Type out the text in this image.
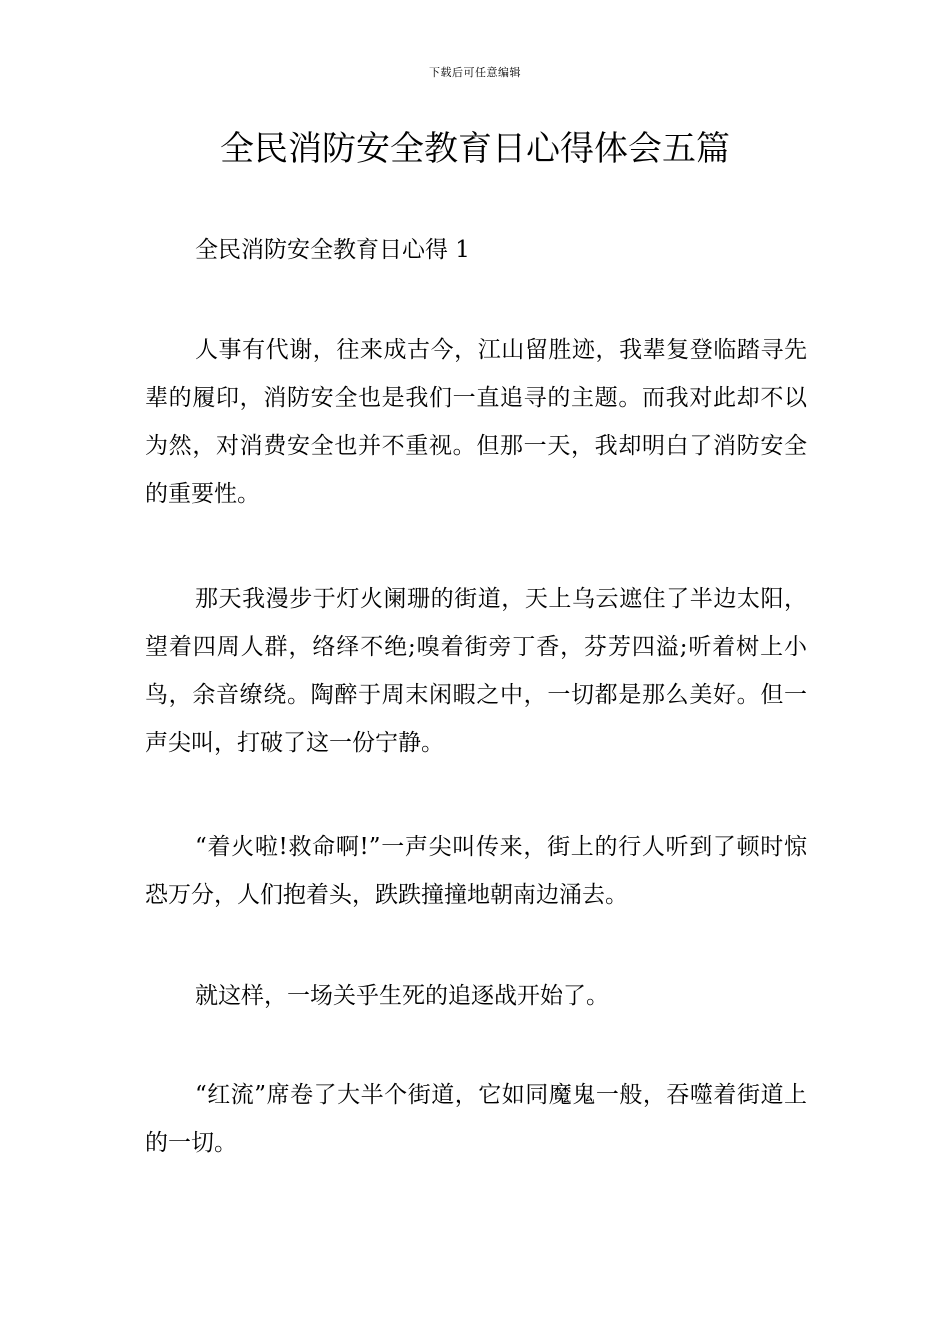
下载后可任意编辑
全民消防安全教育日心得体会五篇
全民消防安全教育日心得 1

人事有代谢，往来成古今，江山留胜迹，我辈复登临踏寻先辈的履印，消防安全也是我们一直追寻的主题。而我对此却不以为然，对消费安全也并不重视。但那一天，我却明白了消防安全的重要性。

那天我漫步于灯火阑珊的街道，天上乌云遮住了半边太阳，望着四周人群，络绎不绝;嗅着街旁丁香，芬芳四溢;听着树上小鸟，余音缭绕。陶醉于周末闲暇之中，一切都是那么美好。但一声尖叫，打破了这一份宁静。

“着火啦!救命啊!”一声尖叫传来，街上的行人听到了顿时惊恐万分，人们抱着头，跌跌撞撞地朝南边涌去。

就这样，一场关乎生死的追逐战开始了。

“红流”席卷了大半个街道，它如同魔鬼一般，吞噬着街道上的一切。
